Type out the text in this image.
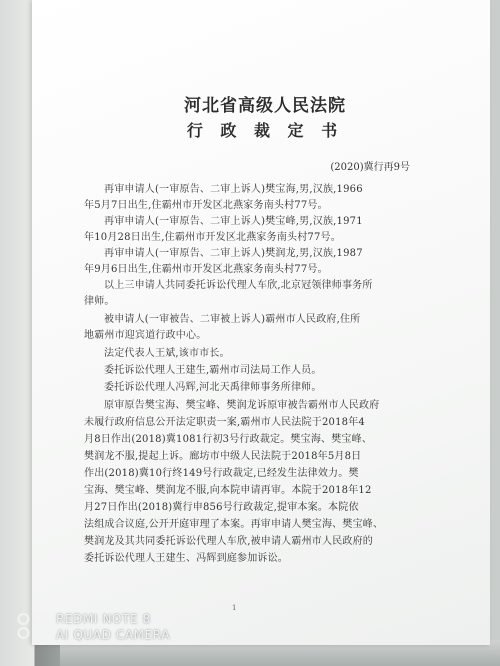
河北省高级人民法院
行 政 裁 定 书
(2020)冀行再9号
再审申请人(一审原告、二审上诉人)樊宝海,男,汉族,1966
年5月7日出生,住霸州市开发区北燕家务南头村77号。
再审申请人(一审原告、二审上诉人)樊宝峰,男,汉族,1971
年10月28日出生,住霸州市开发区北燕家务南头村77号。
再审申请人(一审原告、二审上诉人)樊润龙,男,汉族,1987
年9月6日出生,住霸州市开发区北燕家务南头村77号。
以上三申请人共同委托诉讼代理人车欣,北京冠领律师事务所
律师。
被申请人(一审被告、二审被上诉人)霸州市人民政府,住所
地霸州市迎宾道行政中心。
法定代表人王斌,该市市长。
委托诉讼代理人王建生,霸州市司法局工作人员。
委托诉讼代理人冯辉,河北天禹律师事务所律师。
原审原告樊宝海、樊宝峰、樊润龙诉原审被告霸州市人民政府
未履行政府信息公开法定职责一案,霸州市人民法院于2018年4
月8日作出(2018)冀1081行初3号行政裁定。樊宝海、樊宝峰、
樊润龙不服,提起上诉。廊坊市中级人民法院于2018年5月8日
作出(2018)冀10行终149号行政裁定,已经发生法律效力。樊
宝海、樊宝峰、樊润龙不服,向本院申请再审。本院于2018年12
月27日作出(2018)冀行申856号行政裁定,提审本案。本院依
法组成合议庭,公开开庭审理了本案。再审申请人樊宝海、樊宝峰、
樊润龙及其共同委托诉讼代理人车欣,被申请人霸州市人民政府的
委托诉讼代理人王建生、冯辉到庭参加诉讼。
1
REDMI NOTE 8
AI QUAD CAMERA
